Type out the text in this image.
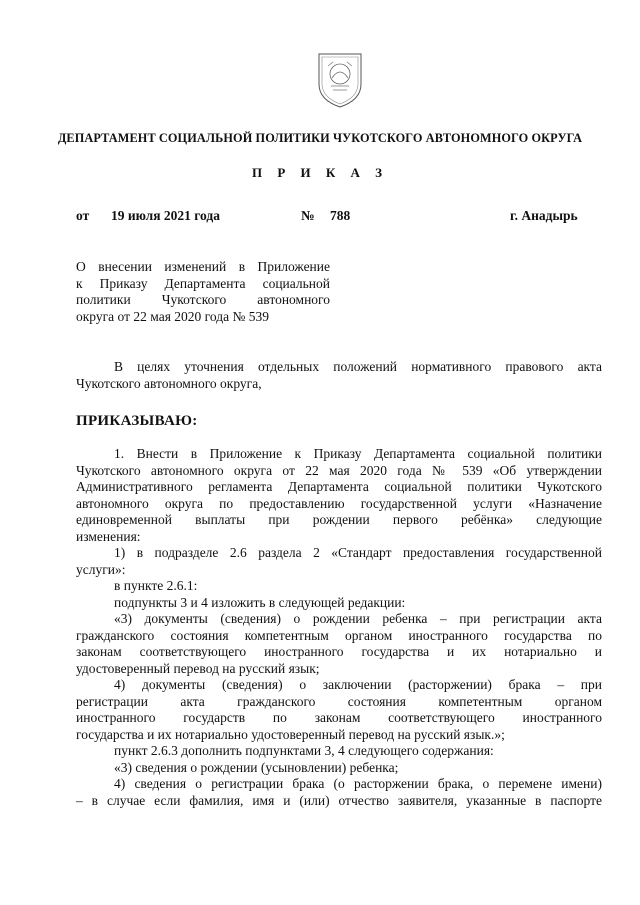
ДЕПАРТАМЕНТ СОЦИАЛЬНОЙ ПОЛИТИКИ ЧУКОТСКОГО АВТОНОМНОГО ОКРУГА
П Р И К А З
от 19 июля 2021 года	№ 788	г. Анадырь
О внесении изменений в Приложение
к Приказу Департамента социальной
политики Чукотского автономного
округа от 22 мая 2020 года № 539
В целях уточнения отдельных положений нормативного правового акта
Чукотского автономного округа,
ПРИКАЗЫВАЮ:
1. Внести в Приложение к Приказу Департамента социальной политики
Чукотского автономного округа от 22 мая 2020 года № 539 «Об утверждении
Административного регламента Департамента социальной политики Чукотского
автономного округа по предоставлению государственной услуги «Назначение
единовременной выплаты при рождении первого ребёнка» следующие
изменения:
1) в подразделе 2.6 раздела 2 «Стандарт предоставления государственной
услуги»:
в пункте 2.6.1:
подпункты 3 и 4 изложить в следующей редакции:
«3) документы (сведения) о рождении ребенка – при регистрации акта
гражданского состояния компетентным органом иностранного государства по
законам соответствующего иностранного государства и их нотариально и
удостоверенный перевод на русский язык;
4) документы (сведения) о заключении (расторжении) брака – при
регистрации акта гражданского состояния компетентным органом
иностранного государств по законам соответствующего иностранного
государства и их нотариально удостоверенный перевод на русский язык.»;
пункт 2.6.3 дополнить подпунктами 3, 4 следующего содержания:
«3) сведения о рождении (усыновлении) ребенка;
4) сведения о регистрации брака (о расторжении брака, о перемене имени)
– в случае если фамилия, имя и (или) отчество заявителя, указанные в паспорте
